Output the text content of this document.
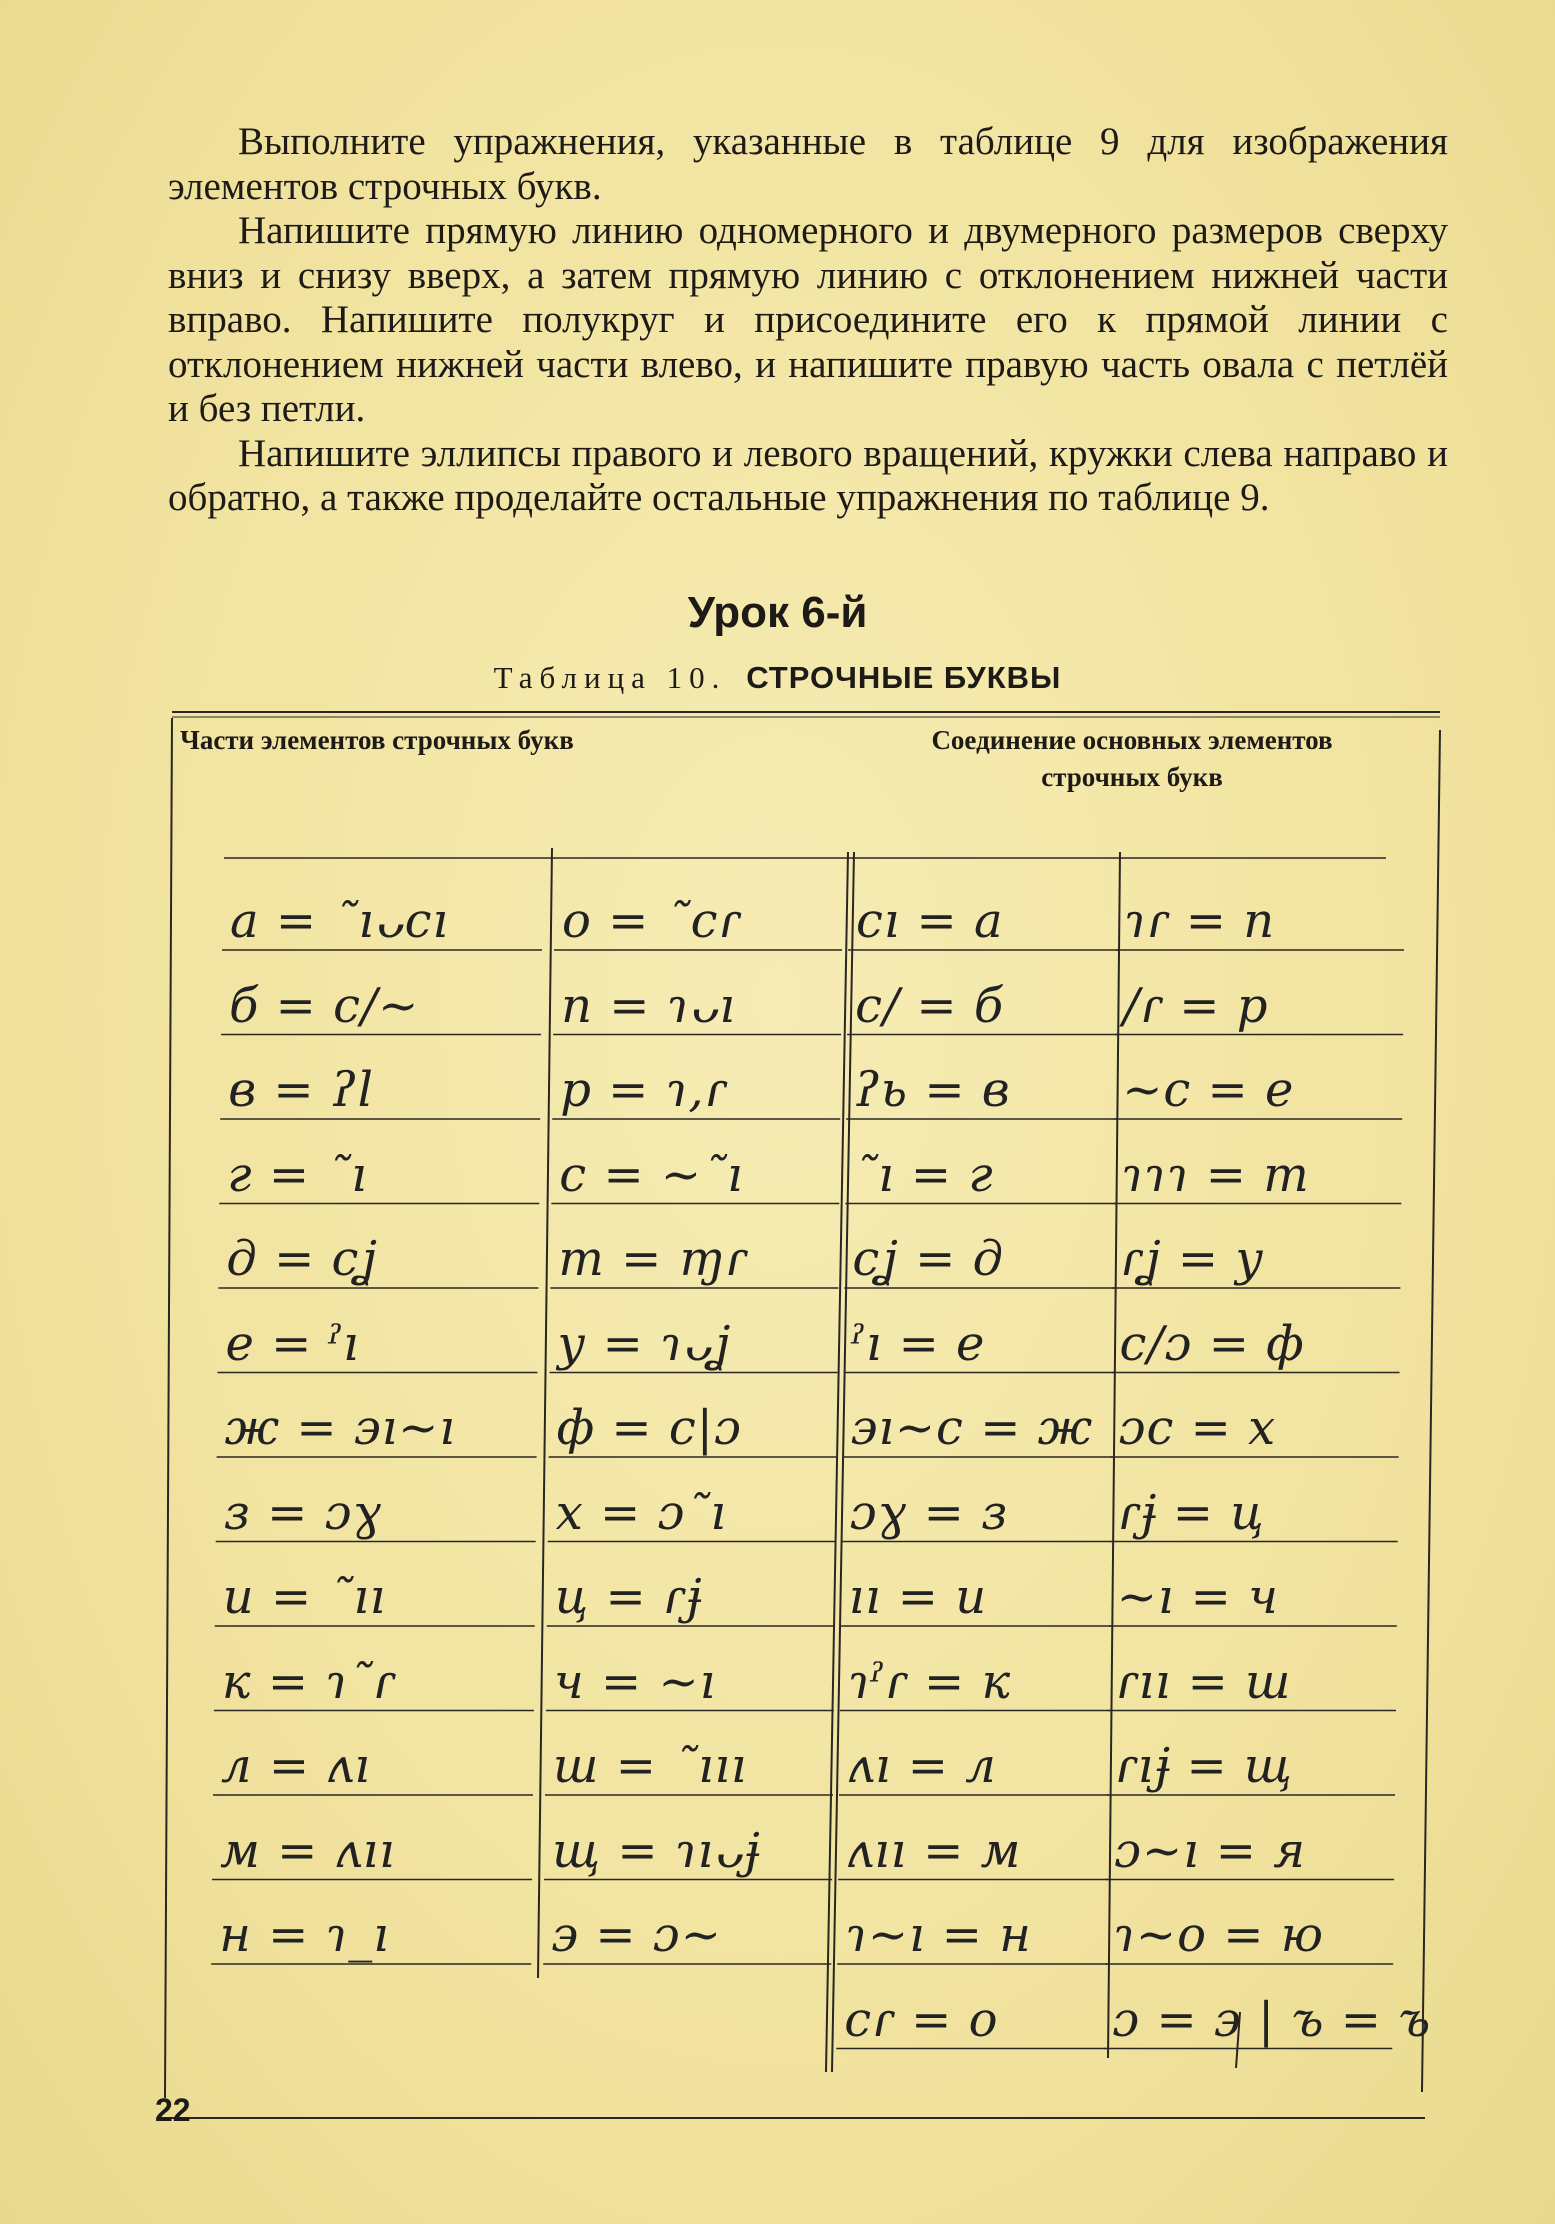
Выполните упражнения, указанные в таблице 9 для изображения элементов строчных букв.

Напишите прямую линию одномерного и двумерного размеров сверху вниз и снизу вверх, а затем прямую линию с отклонением нижней части вправо. Напишите полукруг и присоедините его к прямой линии с отклонением нижней части влево, и напишите правую часть овала с петлёй и без петли.

Напишите эллипсы правого и левого вращений, кружки слева направо и обратно, а также проделайте остальные упражнения по таблице 9.

Урок 6-й
Таблица 10. СТРОЧНЫЕ БУКВЫ
Части элементов строчных букв	Соединение основных элементов
строчных букв
а = ˜ıᴗсı
б = с/~
в = ʔl
г = ˜ı
д = сʝ
е = ˀı
ж = эı~ı
з = ɔɣ
и = ˜ıı
к = ɿ˜ɾ
л = ʌı
м = ʌıı
н = ɿ_ı
о = ˜сɾ
п = ɿᴗı
р = ɿ,ɾ
с = ~˜ı
т = ɱɾ
у = ɿᴗʝ
ф = с|ɔ
х = ɔ˜ı
ц = ɾɉ
ч = ~ı
ш = ˜ııı
щ = ɿıᴗɉ
э = ɔ~
сı = а
с/ = б
ʔь = в
˜ı = г
сʝ = д
ˀı = е
эı~с = ж
ɔɣ = з
ıı = и
ɿˀɾ = к
ʌı = л
ʌıı = м
ɿ~ı = н
сɾ = о
ɿɾ = п
/ɾ = р
~с = е
ɿɿɿ = т
ɾʝ = у
с/ɔ = ф
ɔс = х
ɾɉ = ц
~ı = ч
ɾıı = ш
ɾıɉ = щ
ɔ~ı = я
ɿ~о = ю
ɔ = э | ъ = ъ
22
